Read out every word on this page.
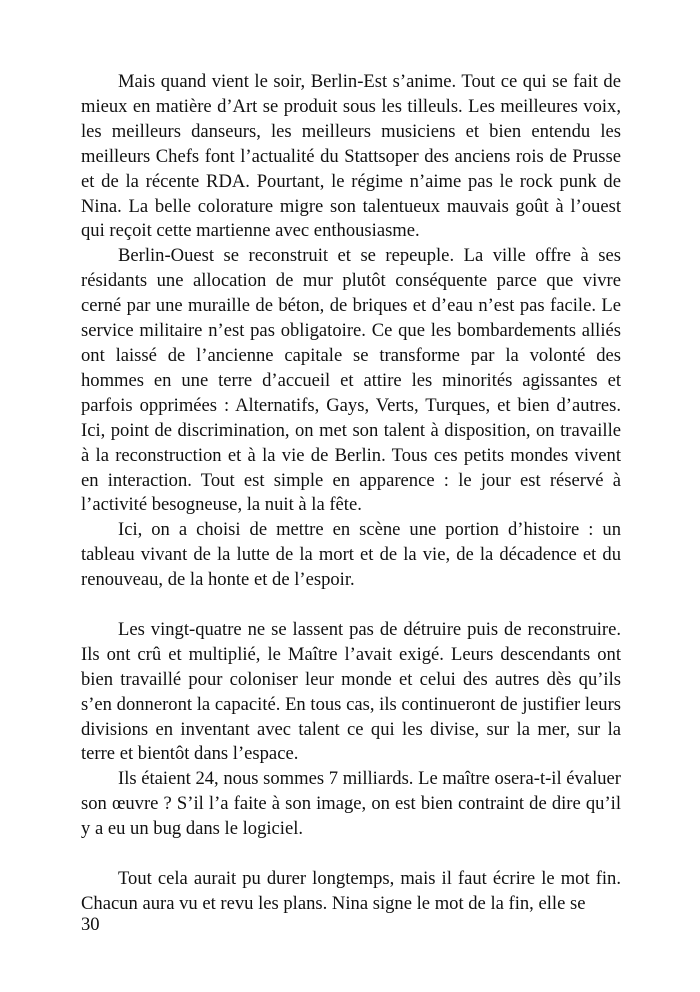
Mais quand vient le soir, Berlin-Est s’anime. Tout ce qui se fait de mieux en matière d’Art se produit sous les tilleuls. Les meilleures voix, les meilleurs danseurs, les meilleurs musiciens et bien entendu les meilleurs Chefs font l’actualité du Stattsoper des anciens rois de Prusse et de la récente RDA. Pourtant, le régime n’aime pas le rock punk de Nina. La belle colorature migre son talentueux mauvais goût à l’ouest qui reçoit cette martienne avec enthousiasme.

Berlin-Ouest se reconstruit et se repeuple. La ville offre à ses résidants une allocation de mur plutôt conséquente parce que vivre cerné par une muraille de béton, de briques et d’eau n’est pas facile. Le service militaire n’est pas obligatoire. Ce que les bombardements alliés ont laissé de l’ancienne capitale se transforme par la volonté des hommes en une terre d’accueil et attire les minorités agissantes et parfois opprimées : Alternatifs, Gays, Verts, Turques, et bien d’autres. Ici, point de discrimination, on met son talent à disposition, on travaille à la reconstruction et à la vie de Berlin. Tous ces petits mondes vivent en interaction. Tout est simple en apparence : le jour est réservé à l’activité besogneuse, la nuit à la fête.

Ici, on a choisi de mettre en scène une portion d’histoire : un tableau vivant de la lutte de la mort et de la vie, de la décadence et du renouveau, de la honte et de l’espoir.

Les vingt-quatre ne se lassent pas de détruire puis de reconstruire. Ils ont crû et multiplié, le Maître l’avait exigé. Leurs descendants ont bien travaillé pour coloniser leur monde et celui des autres dès qu’ils s’en donneront la capacité. En tous cas, ils continueront de justifier leurs divisions en inventant avec talent ce qui les divise, sur la mer, sur la terre et bientôt dans l’espace.

Ils étaient 24, nous sommes 7 milliards. Le maître osera-t-il évaluer son œuvre ? S’il l’a faite à son image, on est bien contraint de dire qu’il y a eu un bug dans le logiciel.

Tout cela aurait pu durer longtemps, mais il faut écrire le mot fin. Chacun aura vu et revu les plans. Nina signe le mot de la fin, elle se

30
